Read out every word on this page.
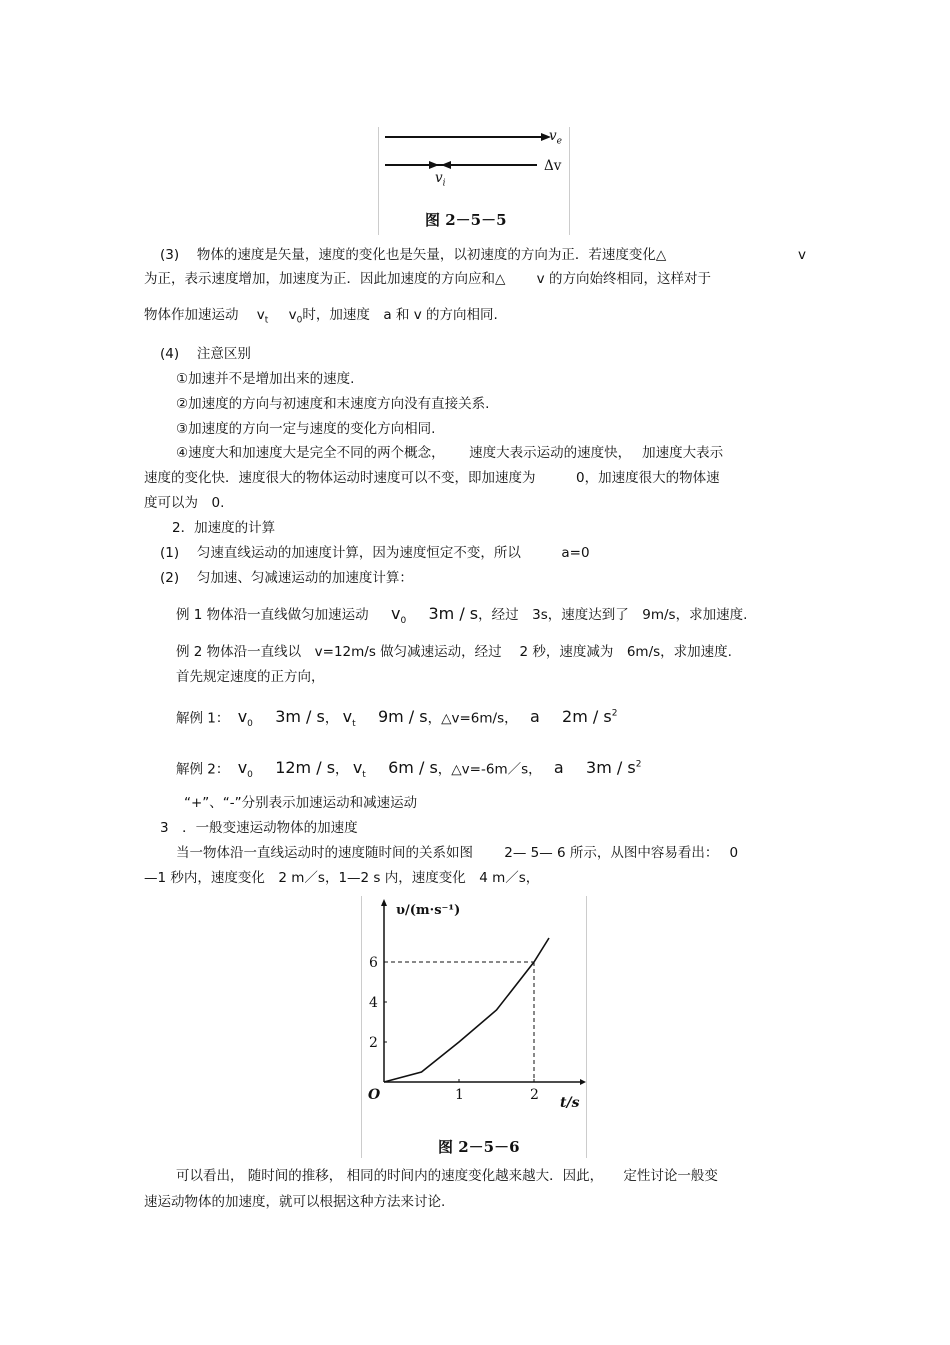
$v_e$
Δv
$v_i$
图 2－5－5
(3)　 物体的速度是矢量，速度的变化也是矢量，以初速度的方向为正．若速度变化△	v
为正，表示速度增加，加速度为正．因此加速度的方向应和△　　 v 的方向始终相同，这样对于
物体作加速运动 $v_t$ $v_0$时，加速度　a 和 v 的方向相同.
(4)　 注意区别
①加速并不是增加出来的速度.
②加速度的方向与初速度和末速度方向没有直接关系.
③加速度的方向一定与速度的变化方向相同.
④速度大和加速度大是完全不同的两个概念，　　 速度大表示运动的速度快，　 加速度大表示
速度的变化快．速度很大的物体运动时速度可以不变，即加速度为　　　0，加速度很大的物体速
度可以为　0.
2．加速度的计算
(1)　 匀速直线运动的加速度计算，因为速度恒定不变，所以　　　a=0
(2)　 匀加速、匀减速运动的加速度计算：
例 1 物体沿一直线做匀加速运动 $v_0$ 3m / s，经过　3s，速度达到了　9m/s，求加速度.
例 2 物体沿一直线以　v=12m/s 做匀减速运动，经过　 2 秒，速度减为　6m/s，求加速度.
首先规定速度的正方向，
解例 1： $v_0$ 3m / s， $v_t$ 9m / s，△v=6m/s， a $2m / s^2$
解例 2： $v_0$ 12m / s， $v_t$ 6m / s，△v=-6m／s， a $3m / s^2$
“+”、“-”分别表示加速运动和减速运动
3　．一般变速运动物体的加速度
当一物体沿一直线运动时的速度随时间的关系如图　　 2— 5— 6 所示，从图中容易看出：　 0
—1 秒内，速度变化　2 m／s，1—2 s 内，速度变化　4 m／s，
υ/(m·s⁻¹)
t/s
O	1	2
2
4
6
图 2－5－6
可以看出， 随时间的推移， 相同的时间内的速度变化越来越大．因此，　　定性讨论一般变
速运动物体的加速度，就可以根据这种方法来讨论.
